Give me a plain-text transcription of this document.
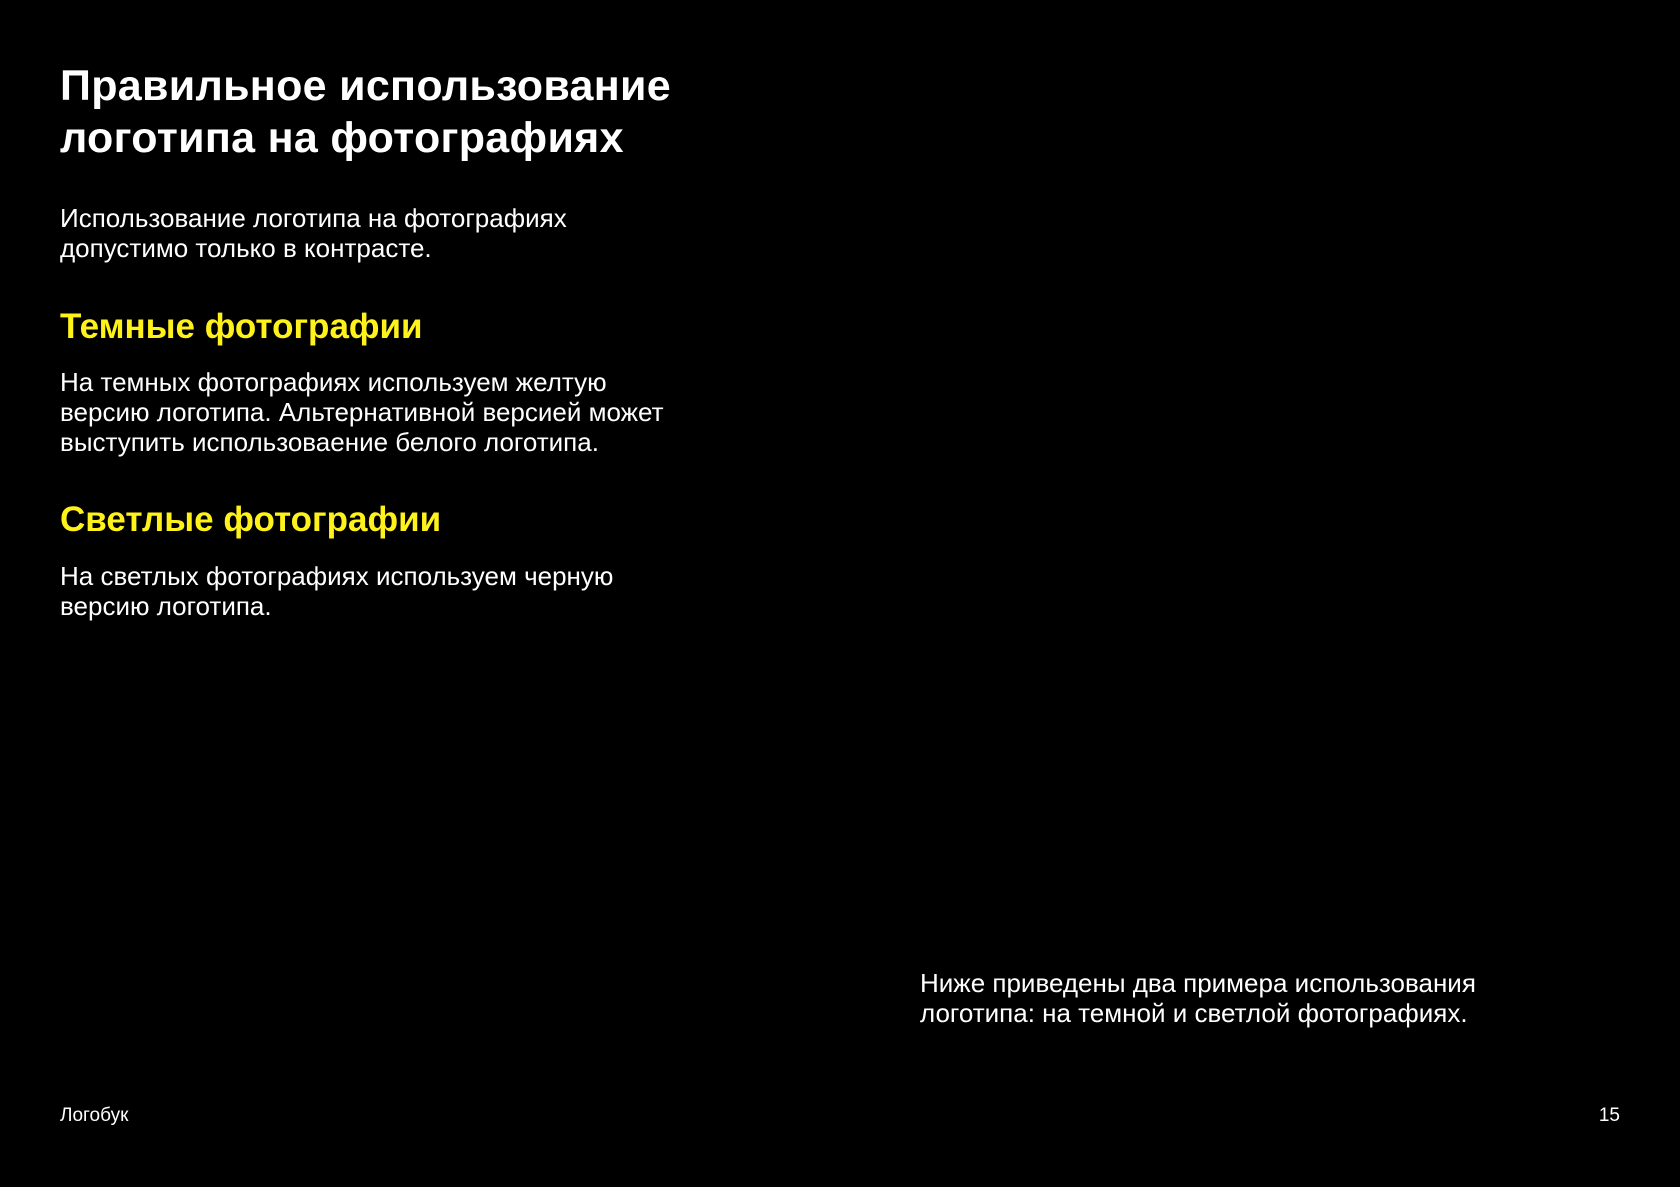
Правильное использование
логотипа на фотографиях

Использование логотипа на фотографиях
допустимо только в контрасте.

Темные фотографии

На темных фотографиях используем желтую
версию логотипа. Альтернативной версией может
выступить использоваение белого логотипа.

Светлые фотографии

На светлых фотографиях используем черную
версию логотипа.

Ниже приведены два примера использования
логотипа: на темной и светлой фотографиях.

Логобук	15
